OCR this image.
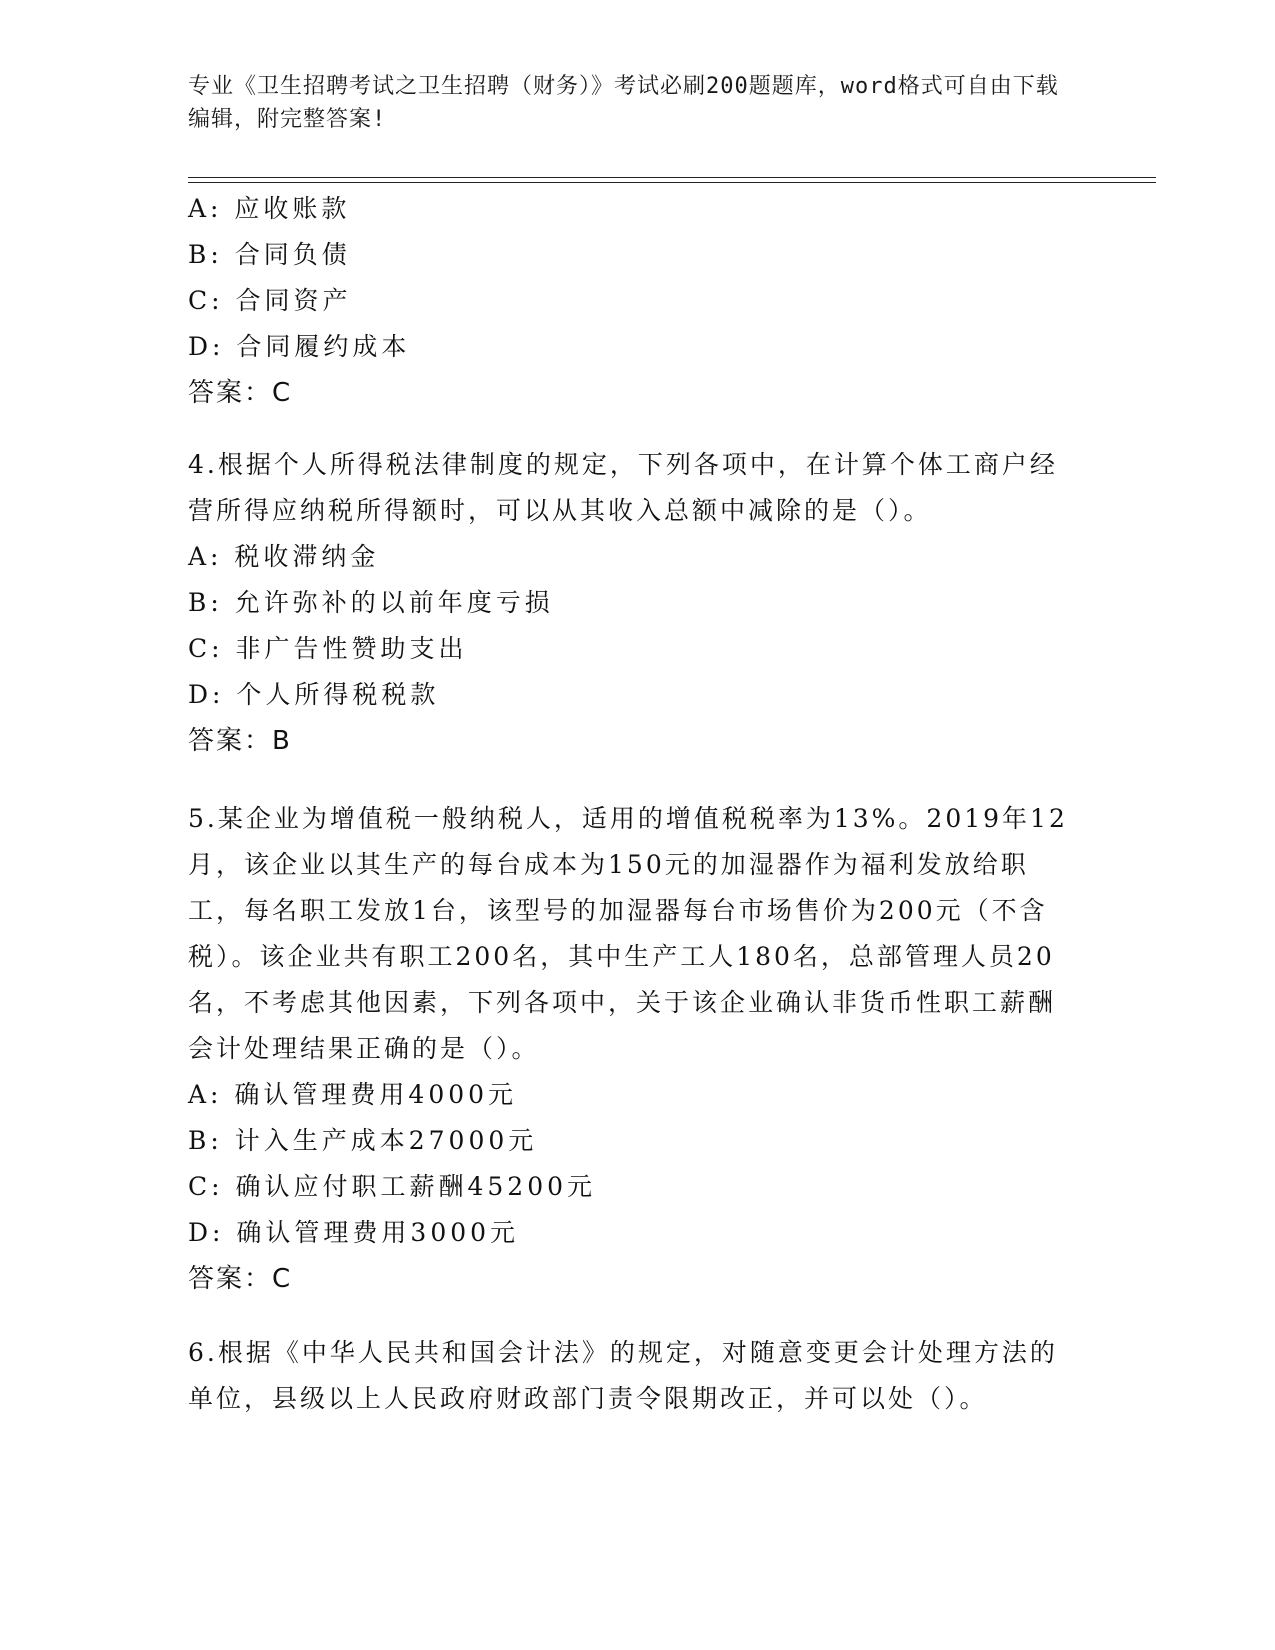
专业《卫生招聘考试之卫生招聘（财务）》考试必刷200题题库，word格式可自由下载编辑，附完整答案!
A: 应收账款
B: 合同负债
C: 合同资产
D: 合同履约成本
答案：C
4.根据个人所得税法律制度的规定，下列各项中，在计算个体工商户经营所得应纳税所得额时，可以从其收入总额中减除的是（）。
A: 税收滞纳金
B: 允许弥补的以前年度亏损
C: 非广告性赞助支出
D: 个人所得税税款
答案：B
5.某企业为增值税一般纳税人，适用的增值税税率为13%。2019年12月，该企业以其生产的每台成本为150元的加湿器作为福利发放给职工，每名职工发放1台，该型号的加湿器每台市场售价为200元（不含税）。该企业共有职工200名，其中生产工人180名，总部管理人员20名，不考虑其他因素，下列各项中，关于该企业确认非货币性职工薪酬会计处理结果正确的是（）。
A: 确认管理费用4000元
B: 计入生产成本27000元
C: 确认应付职工薪酬45200元
D: 确认管理费用3000元
答案：C
6.根据《中华人民共和国会计法》的规定，对随意变更会计处理方法的单位，县级以上人民政府财政部门责令限期改正，并可以处（）。
